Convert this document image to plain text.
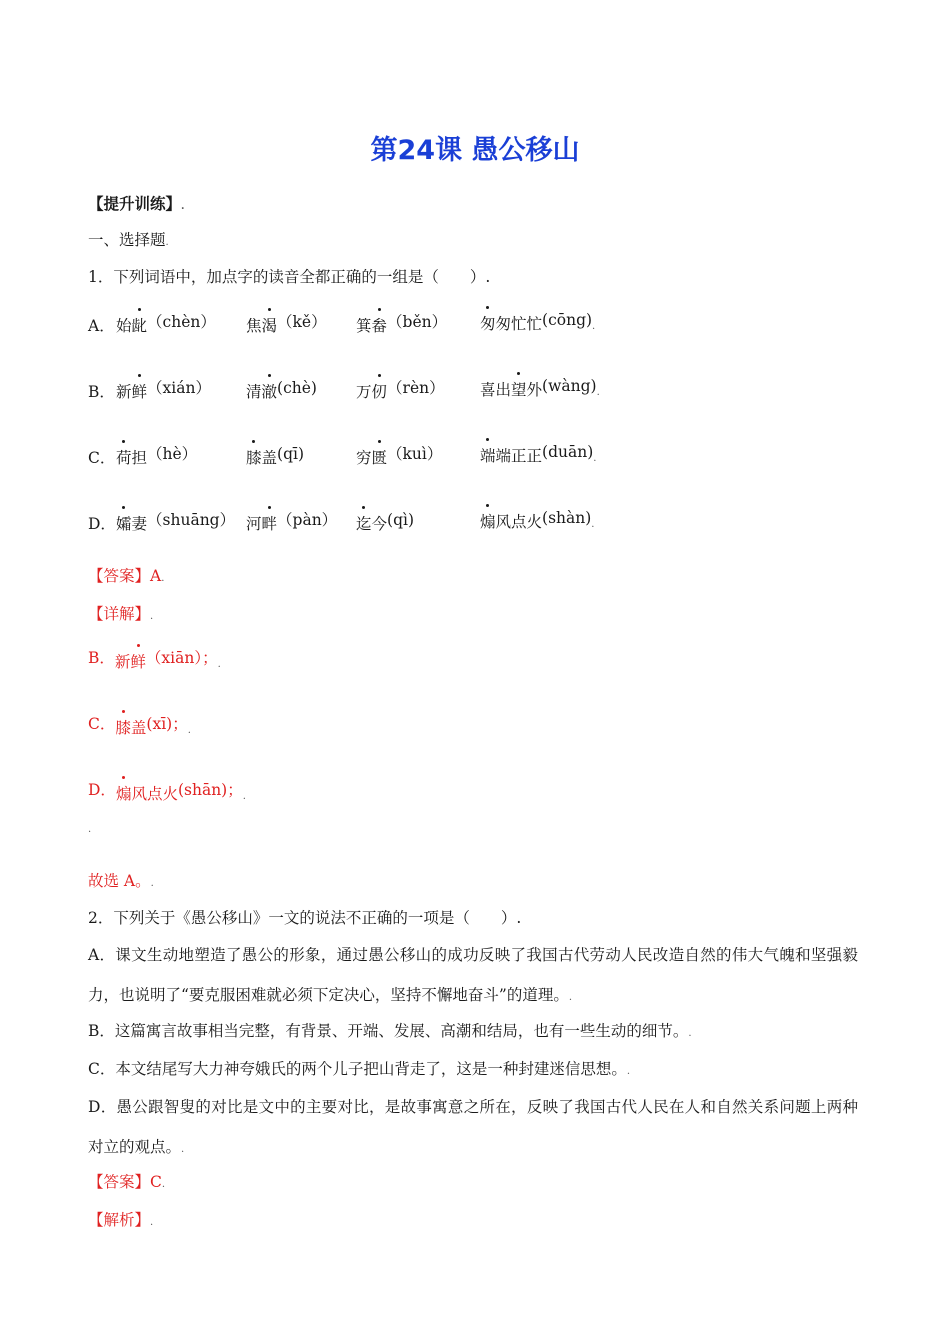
第24课 愚公移山
【提升训练】.
一、选择题.
1．下列词语中，加点字的读音全都正确的一组是（　　）.
A． 始龀（chèn） 焦渴（kě） 箕畚（běn） 匆匆忙忙(cōng).
B． 新鲜（xián） 清澈(chè)	万仞（rèn） 喜出望外(wàng).
C． 荷担（hè）	膝盖(qī)	穷匮（kuì） 端端正正(duān).
D． 孀妻（shuāng） 河畔（pàn） 迄今(qì)	煽风点火(shàn).
【答案】A.
【详解】.
B．新鲜（xiān）；.
C．膝盖(xī)；.
D．煽风点火(shān)；.
.
故选 A。.
2．下列关于《愚公移山》一文的说法不正确的一项是（　　）.
A．课文生动地塑造了愚公的形象，通过愚公移山的成功反映了我国古代劳动人民改造自然的伟大气魄和坚强毅力，也说明了“要克服困难就必须下定决心，坚持不懈地奋斗”的道理。.
B．这篇寓言故事相当完整，有背景、开端、发展、高潮和结局，也有一些生动的细节。.
C．本文结尾写大力神夸娥氏的两个儿子把山背走了，这是一种封建迷信思想。.
D．愚公跟智叟的对比是文中的主要对比，是故事寓意之所在，反映了我国古代人民在人和自然关系问题上两种对立的观点。.
【答案】C.
【解析】.
